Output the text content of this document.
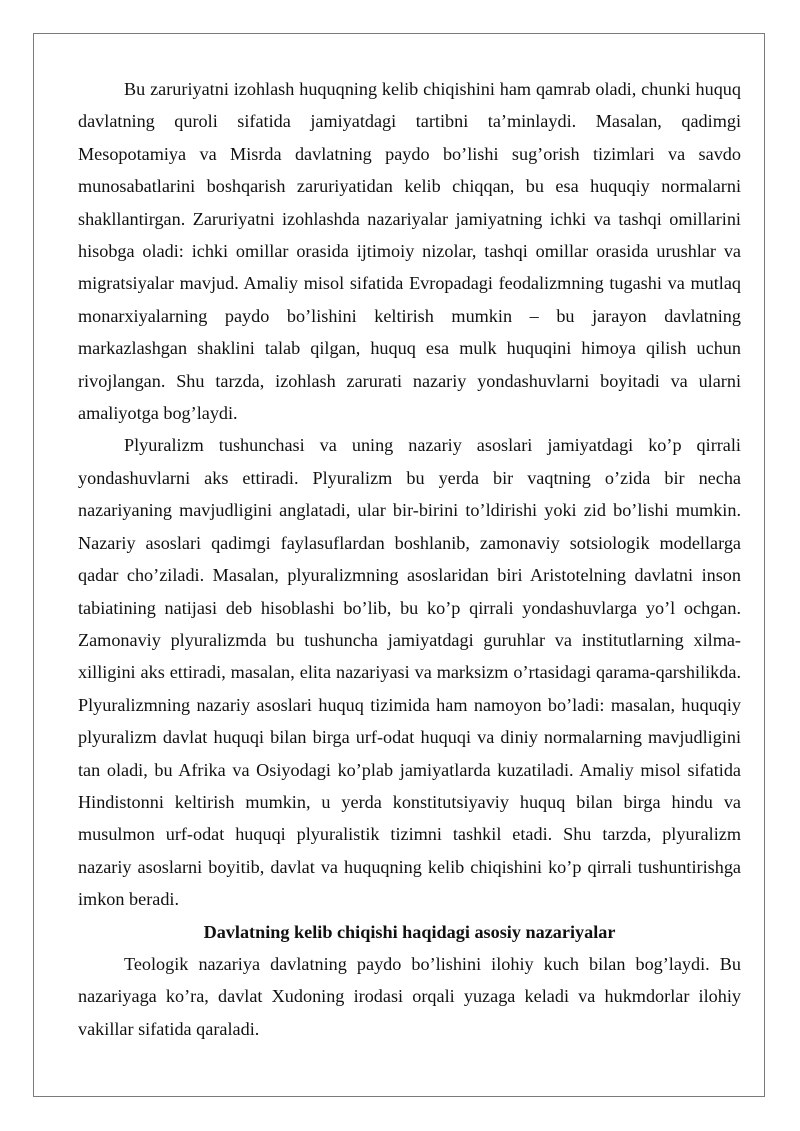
Bu zaruriyatni izohlash huquqning kelib chiqishini ham qamrab oladi, chunki huquq davlatning quroli sifatida jamiyatdagi tartibni ta’minlaydi. Masalan, qadimgi Mesopotamiya va Misrda davlatning paydo bo’lishi sug’orish tizimlari va savdo munosabatlarini boshqarish zaruriyatidan kelib chiqqan, bu esa huquqiy normalarni shakllantirgan. Zaruriyatni izohlashda nazariyalar jamiyatning ichki va tashqi omillarini hisobga oladi: ichki omillar orasida ijtimoiy nizolar, tashqi omillar orasida urushlar va migratsiyalar mavjud. Amaliy misol sifatida Evropadagi feodalizmning tugashi va mutlaq monarxiyalarning paydo bo’lishini keltirish mumkin – bu jarayon davlatning markazlashgan shaklini talab qilgan, huquq esa mulk huquqini himoya qilish uchun rivojlangan. Shu tarzda, izohlash zarurati nazariy yondashuvlarni boyitadi va ularni amaliyotga bog’laydi.

Plyuralizm tushunchasi va uning nazariy asoslari jamiyatdagi ko’p qirrali yondashuvlarni aks ettiradi. Plyuralizm bu yerda bir vaqtning o’zida bir necha nazariyaning mavjudligini anglatadi, ular bir-birini to’ldirishi yoki zid bo’lishi mumkin. Nazariy asoslari qadimgi faylasuflardan boshlanib, zamonaviy sotsiologik modellarga qadar cho’ziladi. Masalan, plyuralizmning asoslaridan biri Aristotelning davlatni inson tabiatining natijasi deb hisoblashi bo’lib, bu ko’p qirrali yondashuvlarga yo’l ochgan. Zamonaviy plyuralizmda bu tushuncha jamiyatdagi guruhlar va institutlarning xilma-xilligini aks ettiradi, masalan, elita nazariyasi va marksizm o’rtasidagi qarama-qarshilikda. Plyuralizmning nazariy asoslari huquq tizimida ham namoyon bo’ladi: masalan, huquqiy plyuralizm davlat huquqi bilan birga urf-odat huquqi va diniy normalarning mavjudligini tan oladi, bu Afrika va Osiyodagi ko’plab jamiyatlarda kuzatiladi. Amaliy misol sifatida Hindistonni keltirish mumkin, u yerda konstitutsiyaviy huquq bilan birga hindu va musulmon urf-odat huquqi plyuralistik tizimni tashkil etadi. Shu tarzda, plyuralizm nazariy asoslarni boyitib, davlat va huquqning kelib chiqishini ko’p qirrali tushuntirishga imkon beradi.

Davlatning kelib chiqishi haqidagi asosiy nazariyalar

Teologik nazariya davlatning paydo bo’lishini ilohiy kuch bilan bog’laydi. Bu nazariyaga ko’ra, davlat Xudoning irodasi orqali yuzaga keladi va hukmdorlar ilohiy vakillar sifatida qaraladi.
